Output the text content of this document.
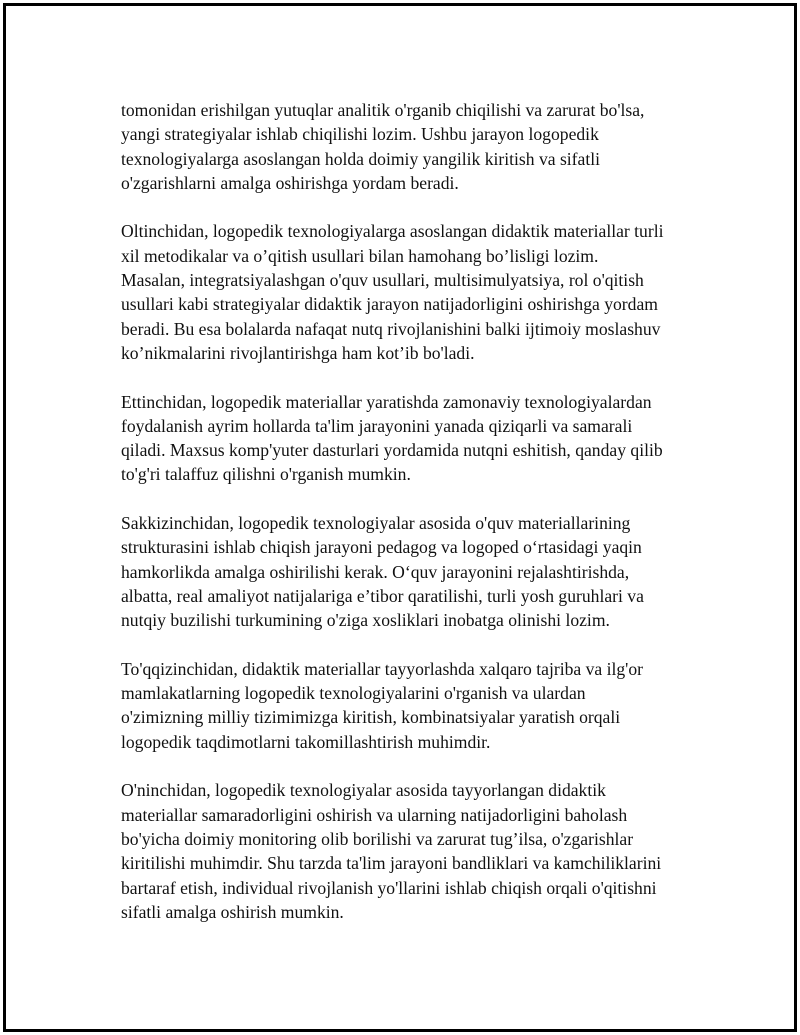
tomonidan erishilgan yutuqlar analitik o'rganib chiqilishi va zarurat bo'lsa,
yangi strategiyalar ishlab chiqilishi lozim. Ushbu jarayon logopedik
texnologiyalarga asoslangan holda doimiy yangilik kiritish va sifatli
o'zgarishlarni amalga oshirishga yordam beradi.

Oltinchidan, logopedik texnologiyalarga asoslangan didaktik materiallar turli
xil metodikalar va o’qitish usullari bilan hamohang bo’lisligi lozim.
Masalan, integratsiyalashgan o'quv usullari, multisimulyatsiya, rol o'qitish
usullari kabi strategiyalar didaktik jarayon natijadorligini oshirishga yordam
beradi. Bu esa bolalarda nafaqat nutq rivojlanishini balki ijtimoiy moslashuv
ko’nikmalarini rivojlantirishga ham kot’ib bo'ladi.

Ettinchidan, logopedik materiallar yaratishda zamonaviy texnologiyalardan
foydalanish ayrim hollarda ta'lim jarayonini yanada qiziqarli va samarali
qiladi. Maxsus komp'yuter dasturlari yordamida nutqni eshitish, qanday qilib
to'g'ri talaffuz qilishni o'rganish mumkin.

Sakkizinchidan, logopedik texnologiyalar asosida o'quv materiallarining
strukturasini ishlab chiqish jarayoni pedagog va logoped o‘rtasidagi yaqin
hamkorlikda amalga oshirilishi kerak. O‘quv jarayonini rejalashtirishda,
albatta, real amaliyot natijalariga e’tibor qaratilishi, turli yosh guruhlari va
nutqiy buzilishi turkumining o'ziga xosliklari inobatga olinishi lozim.

To'qqizinchidan, didaktik materiallar tayyorlashda xalqaro tajriba va ilg'or
mamlakatlarning logopedik texnologiyalarini o'rganish va ulardan
o'zimizning milliy tizimimizga kiritish, kombinatsiyalar yaratish orqali
logopedik taqdimotlarni takomillashtirish muhimdir.

O'ninchidan, logopedik texnologiyalar asosida tayyorlangan didaktik
materiallar samaradorligini oshirish va ularning natijadorligini baholash
bo'yicha doimiy monitoring olib borilishi va zarurat tug’ilsa, o'zgarishlar
kiritilishi muhimdir. Shu tarzda ta'lim jarayoni bandliklari va kamchiliklarini
bartaraf etish, individual rivojlanish yo'llarini ishlab chiqish orqali o'qitishni
sifatli amalga oshirish mumkin.
